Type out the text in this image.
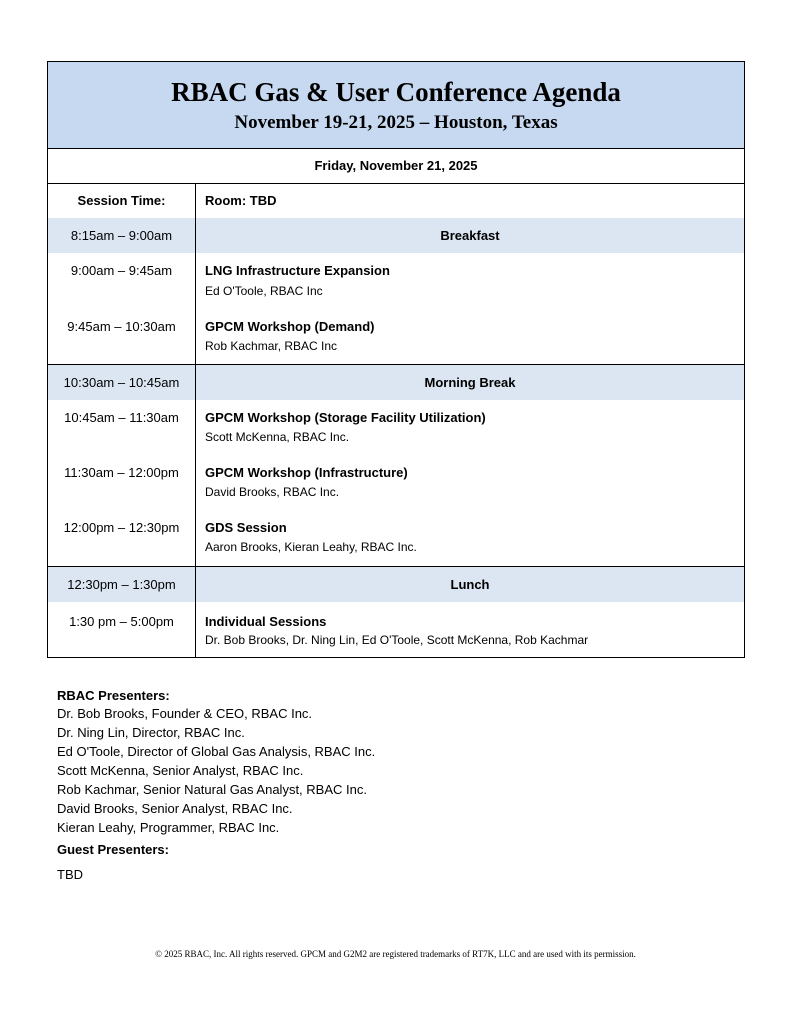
RBAC Gas & User Conference Agenda
November 19-21, 2025 – Houston, Texas
Friday, November 21, 2025
Session Time:	Room: TBD
8:15am – 9:00am	Breakfast
9:00am – 9:45am	LNG Infrastructure Expansion
Ed O'Toole, RBAC Inc
9:45am – 10:30am	GPCM Workshop (Demand)
Rob Kachmar, RBAC Inc
10:30am – 10:45am	Morning Break
10:45am – 11:30am	GPCM Workshop (Storage Facility Utilization)
Scott McKenna, RBAC Inc.
11:30am – 12:00pm	GPCM Workshop (Infrastructure)
David Brooks, RBAC Inc.
12:00pm – 12:30pm	GDS Session
Aaron Brooks, Kieran Leahy, RBAC Inc.
12:30pm – 1:30pm	Lunch
1:30 pm – 5:00pm	Individual Sessions
Dr. Bob Brooks, Dr. Ning Lin, Ed O'Toole, Scott McKenna, Rob Kachmar
RBAC Presenters:
Dr. Bob Brooks, Founder & CEO, RBAC Inc.
Dr. Ning Lin, Director, RBAC Inc.
Ed O'Toole, Director of Global Gas Analysis, RBAC Inc.
Scott McKenna, Senior Analyst, RBAC Inc.
Rob Kachmar, Senior Natural Gas Analyst, RBAC Inc.
David Brooks, Senior Analyst, RBAC Inc.
Kieran Leahy, Programmer, RBAC Inc.
Guest Presenters:
TBD
© 2025 RBAC, Inc. All rights reserved. GPCM and G2M2 are registered trademarks of RT7K, LLC and are used with its permission.
